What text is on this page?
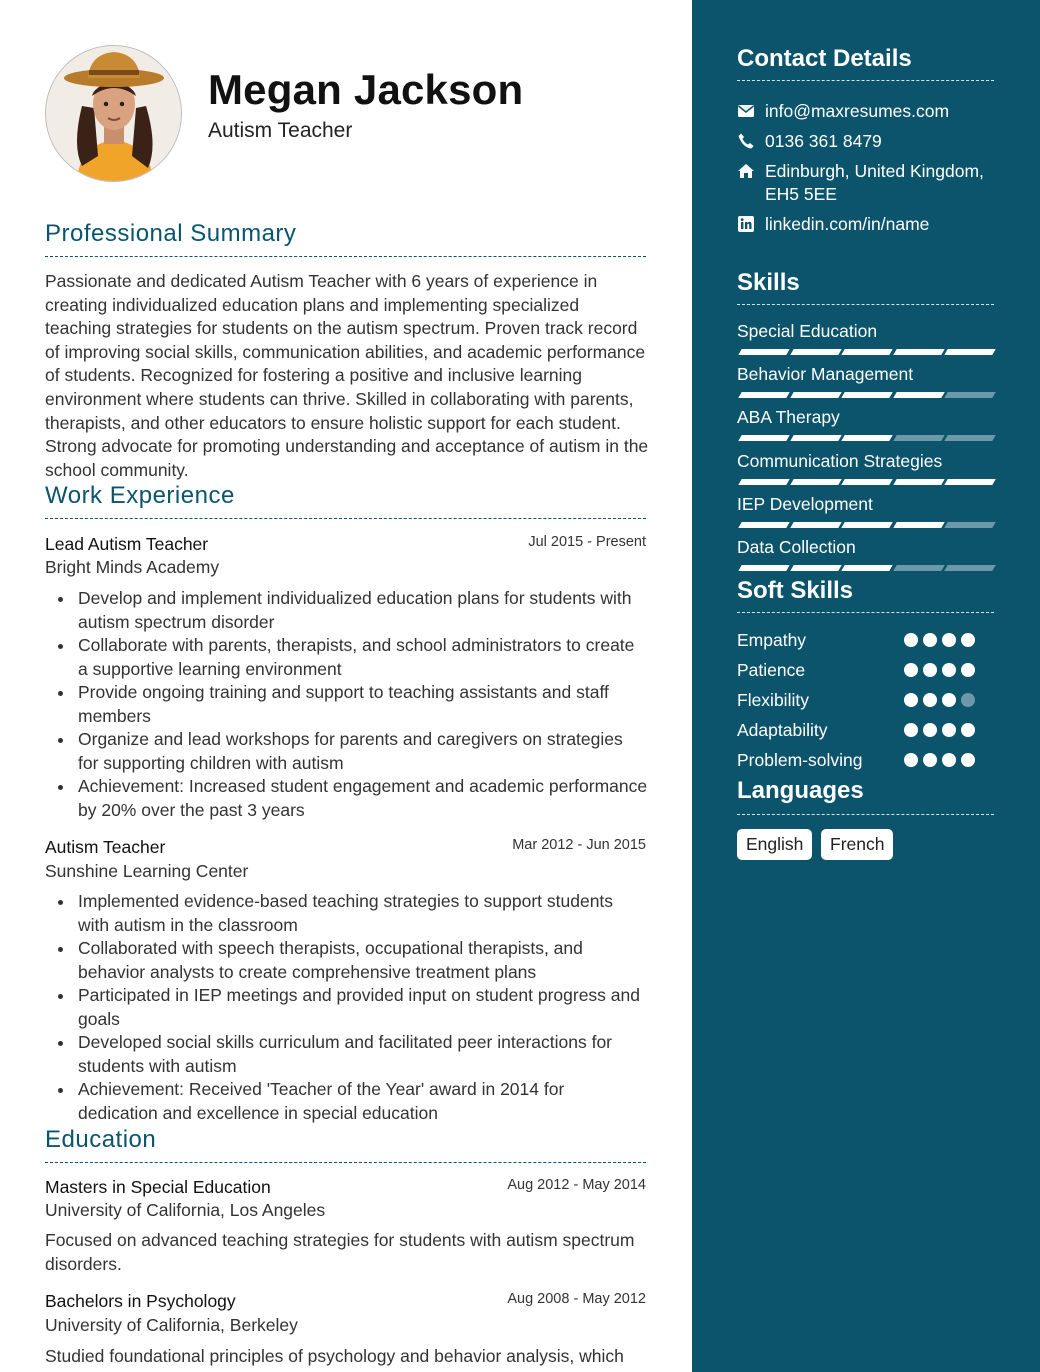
Megan Jackson
Autism Teacher
Professional Summary

Passionate and dedicated Autism Teacher with 6 years of experience in creating individualized education plans and implementing specialized teaching strategies for students on the autism spectrum. Proven track record of improving social skills, communication abilities, and academic performance of students. Recognized for fostering a positive and inclusive learning environment where students can thrive. Skilled in collaborating with parents, therapists, and other educators to ensure holistic support for each student. Strong advocate for promoting understanding and acceptance of autism in the school community.

Work Experience
Lead Autism Teacher	Jul 2015 - Present
Bright Minds Academy
Develop and implement individualized education plans for students with autism spectrum disorder
Collaborate with parents, therapists, and school administrators to create a supportive learning environment
Provide ongoing training and support to teaching assistants and staff members
Organize and lead workshops for parents and caregivers on strategies for supporting children with autism
Achievement: Increased student engagement and academic performance by 20% over the past 3 years
Autism Teacher	Mar 2012 - Jun 2015
Sunshine Learning Center
Implemented evidence-based teaching strategies to support students with autism in the classroom
Collaborated with speech therapists, occupational therapists, and behavior analysts to create comprehensive treatment plans
Participated in IEP meetings and provided input on student progress and goals
Developed social skills curriculum and facilitated peer interactions for students with autism
Achievement: Received 'Teacher of the Year' award in 2014 for dedication and excellence in special education
Education
Masters in Special Education	Aug 2012 - May 2014
University of California, Los Angeles

Focused on advanced teaching strategies for students with autism spectrum disorders.

Bachelors in Psychology	Aug 2008 - May 2012
University of California, Berkeley

Studied foundational principles of psychology and behavior analysis, which

Contact Details
info@maxresumes.com
0136 361 8479
Edinburgh, United Kingdom,
EH5 5EE
linkedin.com/in/name
Skills
Special Education
Behavior Management
ABA Therapy
Communication Strategies
IEP Development
Data Collection
Soft Skills
Empathy
Patience
Flexibility
Adaptability
Problem-solving
Languages
English	French
